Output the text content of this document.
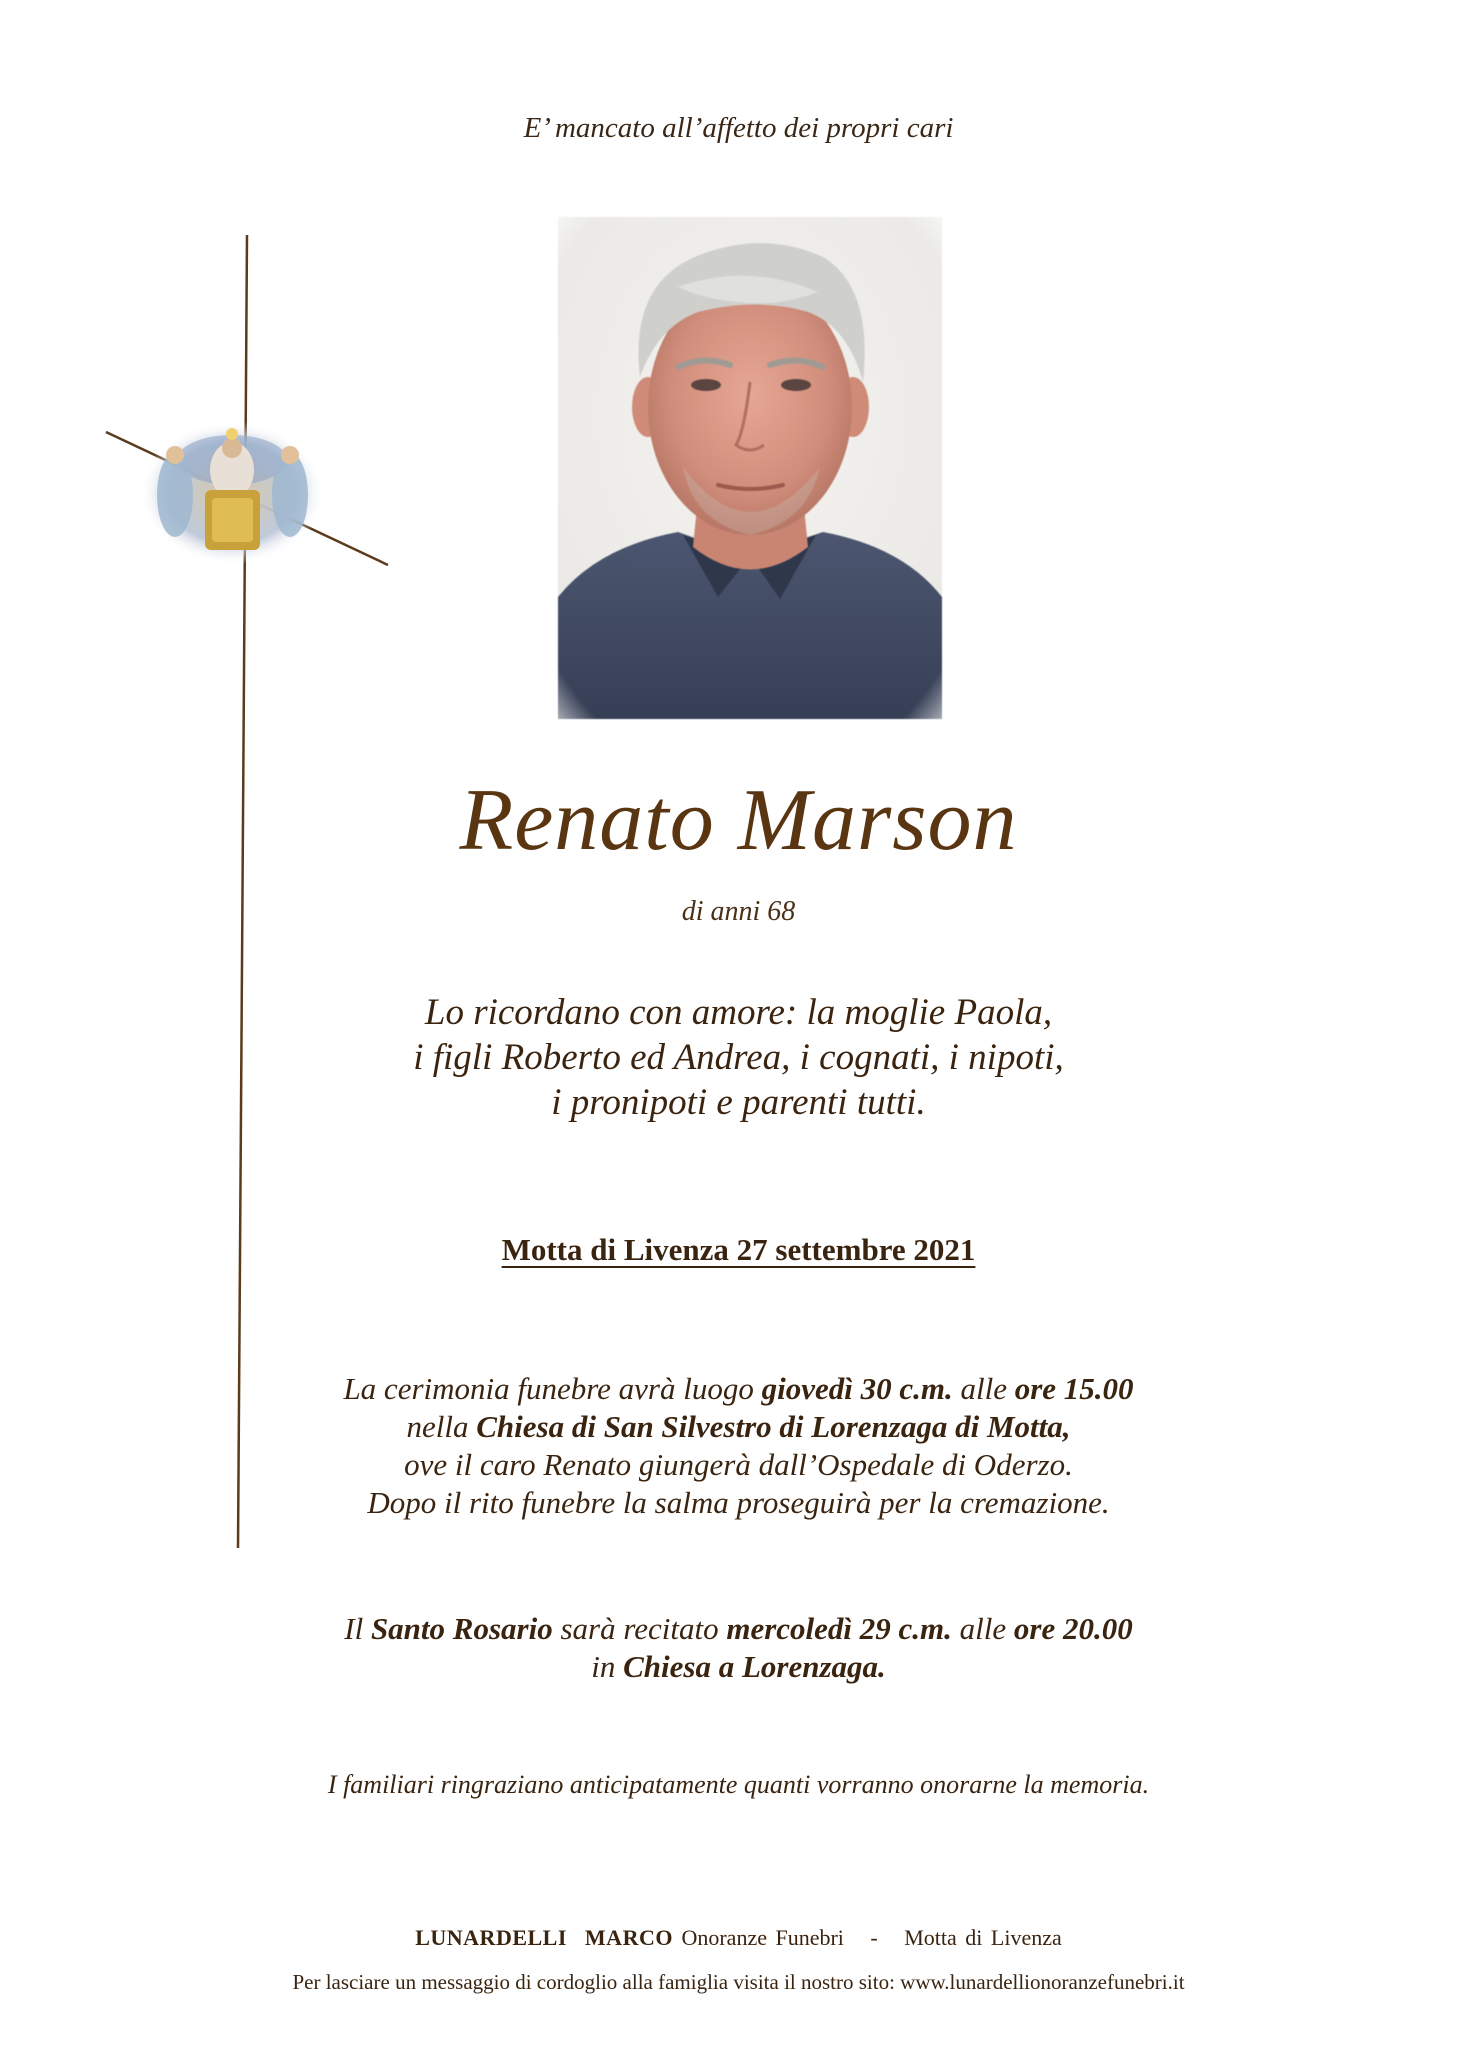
E’ mancato all’affetto dei propri cari
Renato Marson
di anni 68
Lo ricordano con amore: la moglie Paola,
i figli Roberto ed Andrea, i cognati, i nipoti,
i pronipoti e parenti tutti.
Motta di Livenza 27 settembre 2021
La cerimonia funebre avrà luogo giovedì 30 c.m. alle ore 15.00
nella Chiesa di San Silvestro di Lorenzaga di Motta,
ove il caro Renato giungerà dall’Ospedale di Oderzo.
Dopo il rito funebre la salma proseguirà per la cremazione.
Il Santo Rosario sarà recitato mercoledì 29 c.m. alle ore 20.00
in Chiesa a Lorenzaga.
I familiari ringraziano anticipatamente quanti vorranno onorarne la memoria.
LUNARDELLI  MARCO Onoranze Funebri - Motta di Livenza
Per lasciare un messaggio di cordoglio alla famiglia visita il nostro sito: www.lunardellionoranzefunebri.it
